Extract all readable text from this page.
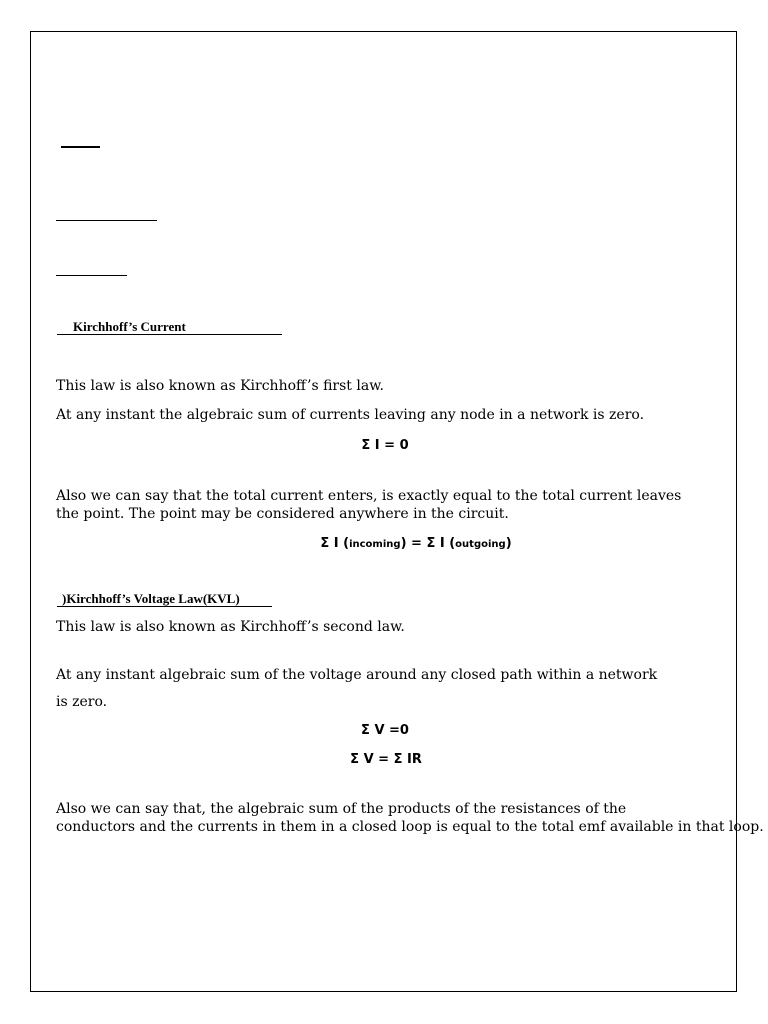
Kirchhoff’s Current
This law is also known as Kirchhoff’s first law.
At any instant the algebraic sum of currents leaving any node in a network is zero.
Σ I = 0
Also we can say that the total current enters, is exactly equal to the total current leaves
the point. The point may be considered anywhere in the circuit.
Σ I (incoming) = Σ I (outgoing)
)Kirchhoff’s Voltage Law(KVL)
This law is also known as Kirchhoff’s second law.
At any instant algebraic sum of the voltage around any closed path within a network
is zero.
Σ V =0
Σ V = Σ IR
Also we can say that, the algebraic sum of the products of the resistances of the
conductors and the currents in them in a closed loop is equal to the total emf available in that loop.
